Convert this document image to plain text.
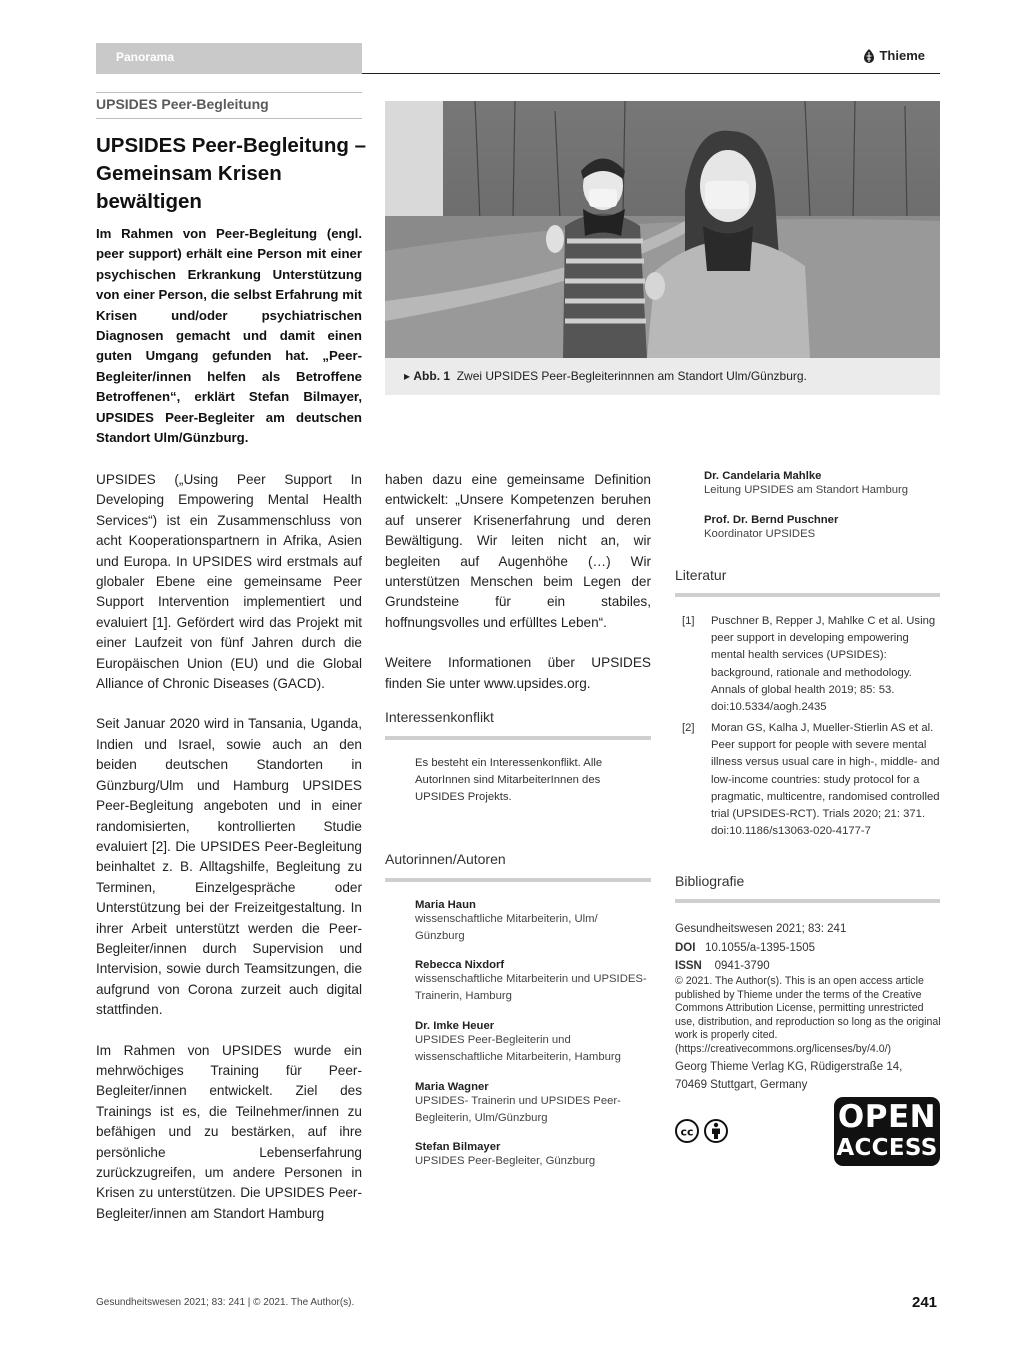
Panorama	Thieme
UPSIDES Peer-Begleitung
UPSIDES Peer-Begleitung – Gemeinsam Krisen bewältigen

Im Rahmen von Peer-Begleitung (engl. peer support) erhält eine Person mit einer psychischen Erkrankung Unterstützung von einer Person, die selbst Erfahrung mit Krisen und/oder psychiatrischen Diagnosen gemacht und damit einen guten Umgang gefunden hat. „Peer-Begleiter/innen helfen als Betroffene Betroffenen“, erklärt Stefan Bilmayer, UPSIDES Peer-Begleiter am deutschen Standort Ulm/Günzburg.

▸ Abb. 1 Zwei UPSIDES Peer-Begleiterinnnen am Standort Ulm/Günzburg.

UPSIDES („Using Peer Support In Developing Empowering Mental Health Services“) ist ein Zusammenschluss von acht Kooperationspartnern in Afrika, Asien und Europa. In UPSIDES wird erstmals auf globaler Ebene eine gemeinsame Peer Support Intervention implementiert und evaluiert [1]. Gefördert wird das Projekt mit einer Laufzeit von fünf Jahren durch die Europäischen Union (EU) und die Global Alliance of Chronic Diseases (GACD).

Seit Januar 2020 wird in Tansania, Uganda, Indien und Israel, sowie auch an den beiden deutschen Standorten in Günzburg/Ulm und Hamburg UPSIDES Peer-Begleitung angeboten und in einer randomisierten, kontrollierten Studie evaluiert [2]. Die UPSIDES Peer-Begleitung beinhaltet z. B. Alltagshilfe, Begleitung zu Terminen, Einzelgespräche oder Unterstützung bei der Freizeitgestaltung. In ihrer Arbeit unterstützt werden die Peer-Begleiter/innen durch Supervision und Intervision, sowie durch Teamsitzungen, die aufgrund von Corona zurzeit auch digital stattfinden.

Im Rahmen von UPSIDES wurde ein mehrwöchiges Training für Peer-Begleiter/innen entwickelt. Ziel des Trainings ist es, die Teilnehmer/innen zu befähigen und zu bestärken, auf ihre persönliche Lebenserfahrung zurückzugreifen, um andere Personen in Krisen zu unterstützen. Die UPSIDES Peer-Begleiter/innen am Standort Hamburg

haben dazu eine gemeinsame Definition entwickelt: „Unsere Kompetenzen beruhen auf unserer Krisenerfahrung und deren Bewältigung. Wir leiten nicht an, wir begleiten auf Augenhöhe (…) Wir unterstützen Menschen beim Legen der Grundsteine für ein stabiles, hoffnungsvolles und erfülltes Leben“.

Weitere Informationen über UPSIDES finden Sie unter www.upsides.org.

Interessenkonflikt
Es besteht ein Interessenkonflikt. Alle AutorInnen sind MitarbeiterInnen des UPSIDES Projekts.
Autorinnen/Autoren
Maria Haun
wissenschaftliche Mitarbeiterin, Ulm/ Günzburg
Rebecca Nixdorf
wissenschaftliche Mitarbeiterin und UPSIDES-Trainerin, Hamburg
Dr. Imke Heuer
UPSIDES Peer-Begleiterin und wissenschaftliche Mitarbeiterin, Hamburg
Maria Wagner
UPSIDES- Trainerin und UPSIDES Peer-Begleiterin, Ulm/Günzburg
Stefan Bilmayer
UPSIDES Peer-Begleiter, Günzburg
Dr. Candelaria Mahlke
Leitung UPSIDES am Standort Hamburg
Prof. Dr. Bernd Puschner
Koordinator UPSIDES
Literatur
[1] Puschner B, Repper J, Mahlke C et al. Using peer support in developing empowering mental health services (UPSIDES): background, rationale and methodology. Annals of global health 2019; 85: 53. doi:10.5334/aogh.2435
[2] Moran GS, Kalha J, Mueller-Stierlin AS et al. Peer support for people with severe mental illness versus usual care in high-, middle- and low-income countries: study protocol for a pragmatic, multicentre, randomised controlled trial (UPSIDES-RCT). Trials 2020; 21: 371. doi:10.1186/s13063-020-4177-7
Bibliografie
Gesundheitswesen 2021; 83: 241
DOI 10.1055/a-1395-1505
ISSN 0941-3790
© 2021. The Author(s). This is an open access article published by Thieme under the terms of the Creative Commons Attribution License, permitting unrestricted use, distribution, and reproduction so long as the original work is properly cited. (https://creativecommons.org/licenses/by/4.0/)
Georg Thieme Verlag KG, Rüdigerstraße 14,
70469 Stuttgart, Germany
cc	OPEN
ACCESS
Gesundheitswesen 2021; 83: 241 | © 2021. The Author(s).	241
